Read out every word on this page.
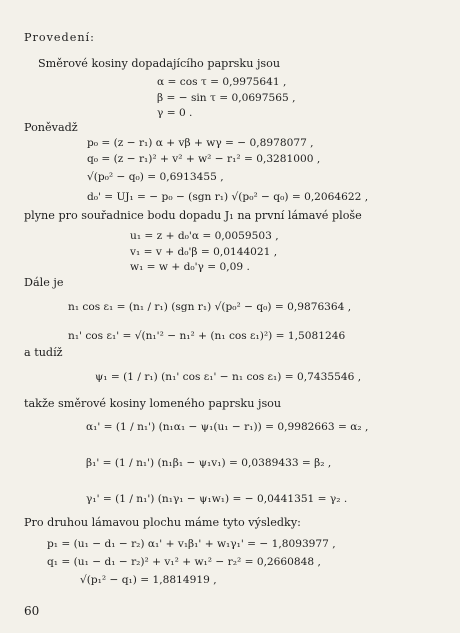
Provedení:
Směrové kosiny dopadajícího paprsku jsou
α = cos τ = 0,9975641 ,
β = − sin τ = 0,0697565 ,
γ = 0 .
Poněvadž
p₀ = (z − r₁) α + vβ + wγ = − 0,8978077 ,
q₀ = (z − r₁)² + v² + w² − r₁² = 0,3281000 ,
√(p₀² − q₀) = 0,6913455 ,
d₀' = UJ₁ = − p₀ − (sgn r₁) √(p₀² − q₀) = 0,2064622 ,
plyne pro souřadnice bodu dopadu J₁ na první lámavé ploše
u₁ = z + d₀'α = 0,0059503 ,
v₁ = v + d₀'β = 0,0144021 ,
w₁ = w + d₀'γ = 0,09 .
Dále je
n₁ cos ε₁ = (n₁ / r₁) (sgn r₁) √(p₀² − q₀) = 0,9876364 ,
n₁' cos ε₁' = √(n₁'² − n₁² + (n₁ cos ε₁)²) = 1,5081246
a tudíž
ψ₁ = (1 / r₁) (n₁' cos ε₁' − n₁ cos ε₁) = 0,7435546 ,
takže směrové kosiny lomeného paprsku jsou
α₁' = (1 / n₁') (n₁α₁ − ψ₁(u₁ − r₁)) = 0,9982663 = α₂ ,
β₁' = (1 / n₁') (n₁β₁ − ψ₁v₁) = 0,0389433 = β₂ ,
γ₁' = (1 / n₁') (n₁γ₁ − ψ₁w₁) = − 0,0441351 = γ₂ .
Pro druhou lámavou plochu máme tyto výsledky:
p₁ = (u₁ − d₁ − r₂) α₁' + v₁β₁' + w₁γ₁' = − 1,8093977 ,
q₁ = (u₁ − d₁ − r₂)² + v₁² + w₁² − r₂² = 0,2660848 ,
√(p₁² − q₁) = 1,8814919 ,
60
